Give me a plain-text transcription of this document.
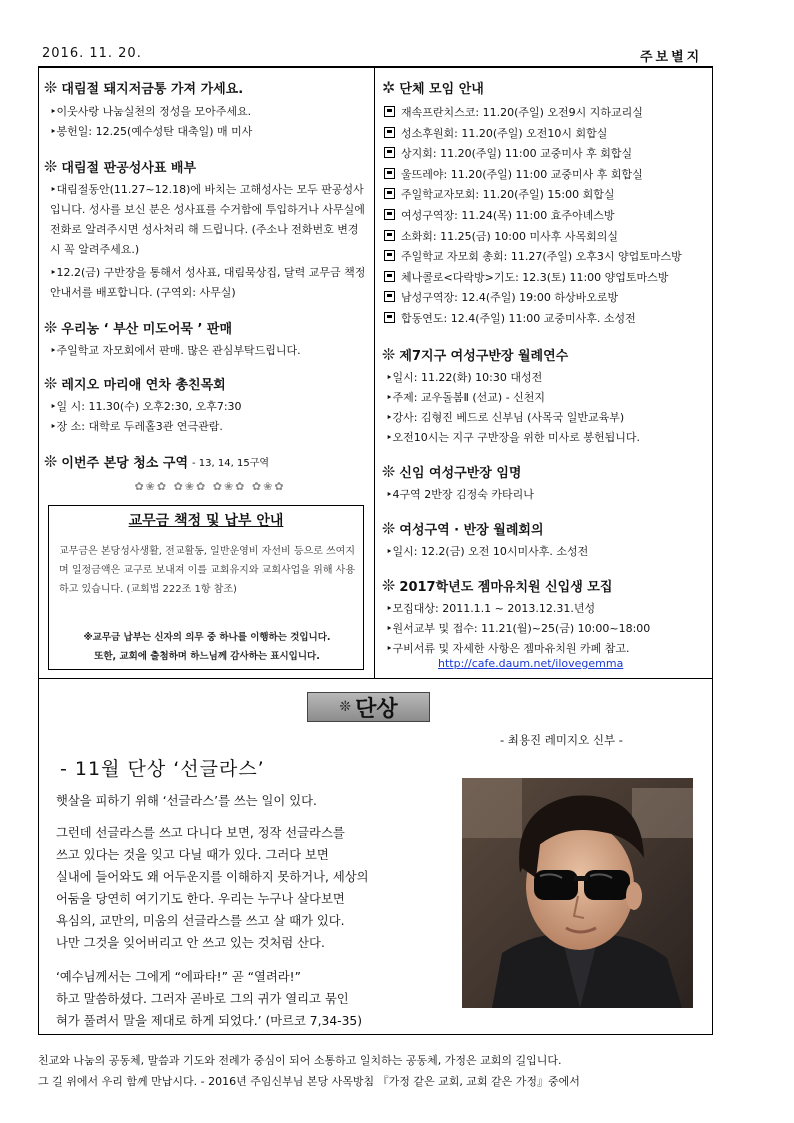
2016. 11. 20.	주보별지
❊ 대림절 돼지저금통 가져 가세요.
‣이웃사랑 나눔실천의 정성을 모아주세요.
‣봉헌일: 12.25(예수성탄 대축일) 매 미사
❊ 대림절 판공성사표 배부
‣대림절동안(11.27~12.18)에 바치는 고해성사는 모두 판공성사입니다. 성사를 보신 분은 성사표를 수거함에 투입하거나 사무실에 전화로 알려주시면 성사처리 해 드립니다. (주소나 전화번호 변경시 꼭 알려주세요.)
‣12.2(금) 구반장을 통해서 성사표, 대림묵상집, 달력 교무금 책정안내서를 배포합니다. (구역외: 사무실)
❊ 우리농 ‘ 부산 미도어묵 ’ 판매
‣주일학교 자모회에서 판매. 많은 관심부탁드립니다.
❊ 레지오 마리애 연차 총친목회
‣일 시: 11.30(수) 오후2:30, 오후7:30
‣장 소: 대학로 두레홀3관 연극관람.
❊ 이번주 본당 청소 구역 - 13, 14, 15구역
✿❀✿ ✿❀✿ ✿❀✿ ✿❀✿
교무금 책정 및 납부 안내
교무금은 본당성사생활, 전교활동, 일반운영비 자선비 등으로 쓰여지며 일정금액은 교구로 보내져 이를 교회유지와 교회사업을 위해 사용하고 있습니다. (교회법 222조 1항 참조)
※교무금 납부는 신자의 의무 중 하나를 이행하는 것입니다.
또한, 교회에 출첨하며 하느님께 감사하는 표시입니다.
✲ 단체 모임 안내
재속프란치스코: 11.20(주일) 오전9시 지하교리실
성소후원회: 11.20(주일) 오전10시 회합실
상지회: 11.20(주일) 11:00 교중미사 후 회합실
울뜨레야: 11.20(주일) 11:00 교중미사 후 회합실
주일학교자모회: 11.20(주일) 15:00 회합실
여성구역장: 11.24(목) 11:00 효주아녜스방
소화회: 11.25(금) 10:00 미사후 사목회의실
주일학교 자모회 총회: 11.27(주일) 오후3시 양업토마스방
체나콜로<다락방>기도: 12.3(토) 11:00 양업토마스방
남성구역장: 12.4(주일) 19:00 하상바오로방
합동연도: 12.4(주일) 11:00 교중미사후. 소성전
❊ 제7지구 여성구반장 월례연수
‣일시: 11.22(화) 10:30 대성전
‣주제: 교우돌봄Ⅱ (선교) - 신천지
‣강사: 김형진 베드로 신부님 (사목국 일반교육부)
‣오전10시는 지구 구반장을 위한 미사로 봉헌됩니다.
❊ 신임 여성구반장 임명
‣4구역 2반장 김정숙 카타리나
❊ 여성구역 · 반장 월례회의
‣일시: 12.2(금) 오전 10시미사후. 소성전
❊ 2017학년도 젬마유치원 신입생 모집
‣모집대상: 2011.1.1 ~ 2013.12.31.년성
‣원서교부 및 접수: 11.21(월)~25(금) 10:00~18:00
‣구비서류 및 자세한 사항은 젬마유치원 카페 참고.
http://cafe.daum.net/ilovegemma
❊ 단상
- 최용진 레미지오 신부 -
- 11월 단상 ‘선글라스’
햇살을 피하기 위해 ‘선글라스’를 쓰는 일이 있다.
그런데 선글라스를 쓰고 다니다 보면, 정작 선글라스를
쓰고 있다는 것을 잊고 다닐 때가 있다. 그러다 보면
실내에 들어와도 왜 어두운지를 이해하지 못하거나, 세상의
어둠을 당연히 여기기도 한다. 우리는 누구나 살다보면
욕심의, 교만의, 미움의 선글라스를 쓰고 살 때가 있다.
나만 그것을 잊어버리고 안 쓰고 있는 것처럼 산다.
‘예수님께서는 그에게 “에파타!” 곧 “열려라!”
하고 말씀하셨다. 그러자 곧바로 그의 귀가 열리고 묶인
혀가 풀려서 말을 제대로 하게 되었다.’ (마르코 7,34-35)
친교와 나눔의 공동체, 말씀과 기도와 전례가 중심이 되어 소통하고 일치하는 공동체, 가정은 교회의 길입니다.
그 길 위에서 우리 함께 만납시다. - 2016년 주임신부님 본당 사목방침 『가정 같은 교회, 교회 같은 가정』중에서
